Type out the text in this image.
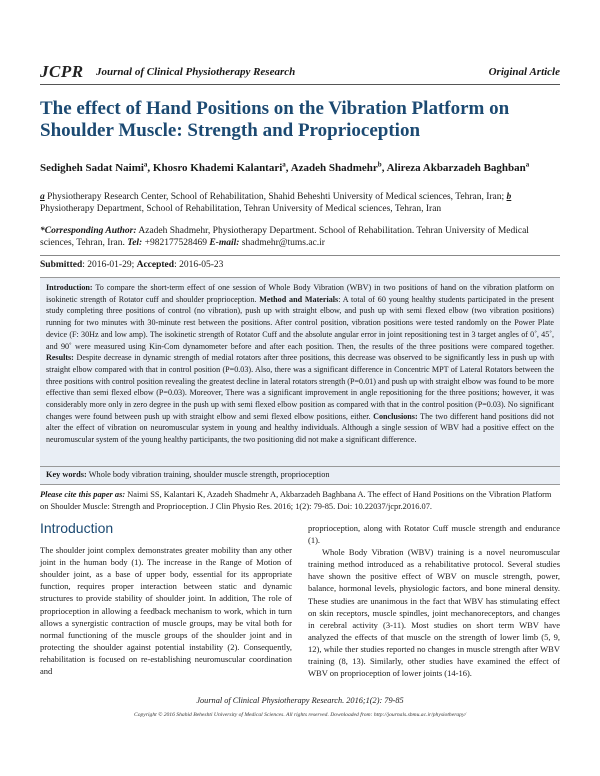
JCPR Journal of Clinical Physiotherapy Research	Original Article
The effect of Hand Positions on the Vibration Platform on Shoulder Muscle: Strength and Proprioception
Sedigheh Sadat Naimi$^a$, Khosro Khademi Kalantari$^a$, Azadeh Shadmehr$^b$, Alireza Akbarzadeh Baghban$^a$
a Physiotherapy Research Center, School of Rehabilitation, Shahid Beheshti University of Medical sciences, Tehran, Iran; b Physiotherapy Department, School of Rehabilitation, Tehran University of Medical sciences, Tehran, Iran
*Corresponding Author: Azadeh Shadmehr, Physiotherapy Department. School of Rehabilitation. Tehran University of Medical sciences, Tehran, Iran. Tel: +982177528469 E-mail: shadmehr@tums.ac.ir
Submitted: 2016-01-29; Accepted: 2016-05-23
Introduction: To compare the short-term effect of one session of Whole Body Vibration (WBV) in two positions of hand on the vibration platform on isokinetic strength of Rotator cuff and shoulder proprioception. Method and Materials: A total of 60 young healthy students participated in the present study completing three positions of control (no vibration), push up with straight elbow, and push up with semi flexed elbow (two vibration positions) running for two minutes with 30-minute rest between the positions. After control position, vibration positions were tested randomly on the Power Plate device (F: 30Hz and low amp). The isokinetic strength of Rotator Cuff and the absolute angular error in joint repositioning test in 3 target angles of 0˚, 45˚, and 90˚ were measured using Kin-Com dynamometer before and after each position. Then, the results of the three positions were compared together. Results: Despite decrease in dynamic strength of medial rotators after three positions, this decrease was observed to be significantly less in push up with straight elbow compared with that in control position (P=0.03). Also, there was a significant difference in Concentric MPT of Lateral Rotators between the three positions with control position revealing the greatest decline in lateral rotators strength (P=0.01) and push up with straight elbow was found to be more effective than semi flexed elbow (P=0.03). Moreover, There was a significant improvement in angle repositioning for the three positions; however, it was considerably more only in zero degree in the push up with semi flexed elbow position as compared with that in the control position (P=0.03). No significant changes were found between push up with straight elbow and semi flexed elbow positions, either. Conclusions: The two different hand positions did not alter the effect of vibration on neuromuscular system in young and healthy individuals. Although a single session of WBV had a positive effect on the neuromuscular system of the young healthy participants, the two positioning did not make a significant difference.
Key words: Whole body vibration training, shoulder muscle strength, proprioception
Please cite this paper as: Naimi SS, Kalantari K, Azadeh Shadmehr A, Akbarzadeh Baghbana A. The effect of Hand Positions on the Vibration Platform on Shoulder Muscle: Strength and Proprioception. J Clin Physio Res. 2016; 1(2): 79-85. Doi: 10.22037/jcpr.2016.07.
Introduction

The shoulder joint complex demonstrates greater mobility than any other joint in the human body (1). The increase in the Range of Motion of shoulder joint, as a base of upper body, essential for its appropriate function, requires proper interaction between static and dynamic structures to provide stability of shoulder joint. In addition, The role of proprioception in allowing a feedback mechanism to work, which in turn allows a synergistic contraction of muscle groups, may be vital both for normal functioning of the muscle groups of the shoulder joint and in protecting the shoulder against potential instability (2). Consequently, rehabilitation is focused on re-establishing neuromuscular coordination and

proprioception, along with Rotator Cuff muscle strength and endurance (1).

Whole Body Vibration (WBV) training is a novel neuromuscular training method introduced as a rehabilitative protocol. Several studies have shown the positive effect of WBV on muscle strength, power, balance, hormonal levels, physiologic factors, and bone mineral density. These studies are unanimous in the fact that WBV has stimulating effect on skin receptors, muscle spindles, joint mechanoreceptors, and changes in cerebral activity (3-11). Most studies on short term WBV have analyzed the effects of that muscle on the strength of lower limb (5, 9, 12), while ther studies reported no changes in muscle strength after WBV training (8, 13). Similarly, other studies have examined the effect of WBV on proprioception of lower joints (14-16).

Journal of Clinical Physiotherapy Research. 2016;1(2): 79-85
Copyright © 2016 Shahid Beheshti University of Medical Sciences. All rights reserved. Downloaded from: http://journals.sbmu.ac.ir/physiotherapy/
